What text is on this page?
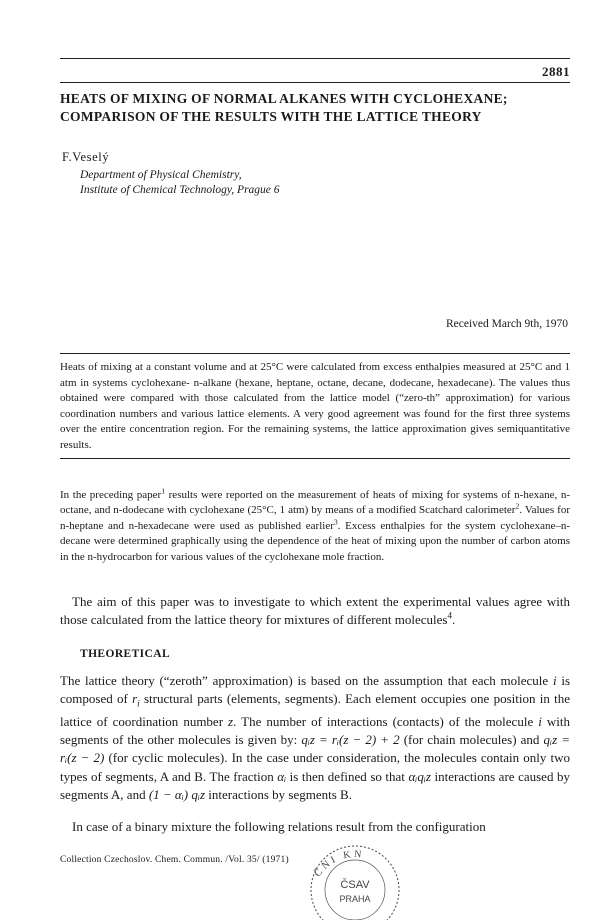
2881
HEATS OF MIXING OF NORMAL ALKANES WITH CYCLOHEXANE;
COMPARISON OF THE RESULTS WITH THE LATTICE THEORY
F.Veselý
Department of Physical Chemistry,
Institute of Chemical Technology, Prague 6
Received March 9th, 1970

Heats of mixing at a constant volume and at 25°C were calculated from excess enthalpies measured at 25°C and 1 atm in systems cyclohexane- n-alkane (hexane, heptane, octane, decane, dodecane, hexadecane). The values thus obtained were compared with those calculated from the lattice model (“zero-th” approximation) for various coordination numbers and various lattice elements. A very good agreement was found for the first three systems over the entire concentration region. For the remaining systems, the lattice approximation gives semiquantitative results.

In the preceding paper$^1$ results were reported on the measurement of heats of mixing for systems of n-hexane, n-octane, and n-dodecane with cyclohexane (25°C, 1 atm) by means of a modified Scatchard calorimeter$^2$. Values for n-heptane and n-hexadecane were used as published earlier$^3$. Excess enthalpies for the system cyclohexane–n-decane were determined graphically using the dependence of the heat of mixing upon the number of carbon atoms in the n-hydrocarbon for various values of the cyclohexane mole fraction.

The aim of this paper was to investigate to which extent the experimental values agree with those calculated from the lattice theory for mixtures of different molecules$^4$.
THEORETICAL

The lattice theory (“zeroth” approximation) is based on the assumption that each molecule i is composed of $r_i$ structural parts (elements, segments). Each element occupies one position in the lattice of coordination number z. The number of interactions (contacts) of the molecule i with segments of the other molecules is given by: qᵢz = rᵢ(z − 2) + 2 (for chain molecules) and qᵢz = rᵢ(z − 2) (for cyclic molecules). In the case under consideration, the molecules contain only two types of segments, A and B. The fraction αᵢ is then defined so that αᵢqᵢz interactions are caused by segments A, and (1 − αᵢ) qᵢz interactions by segments B.

In case of a binary mixture the following relations result from the configuration
Collection Czechoslov. Chem. Commun. /Vol. 35/ (1971)
ČNI KN
ČSAV
PRAHA
